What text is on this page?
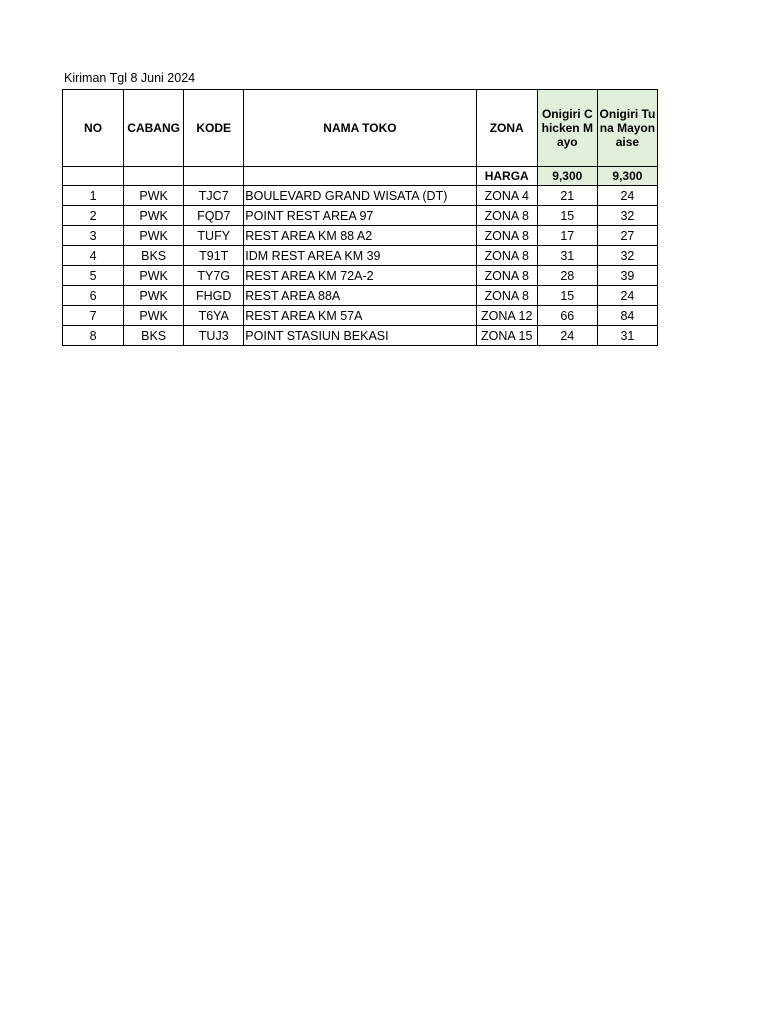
Kiriman Tgl 8 Juni 2024
NO	CABANG	KODE	NAMA TOKO	ZONA	Onigiri Chicken Mayo	Onigiri Tuna Mayonaise
				HARGA	9,300	9,300
1	PWK	TJC7	BOULEVARD GRAND WISATA (DT)	ZONA 4	21	24
2	PWK	FQD7	POINT REST AREA 97	ZONA 8	15	32
3	PWK	TUFY	REST AREA KM 88 A2	ZONA 8	17	27
4	BKS	T91T	IDM REST AREA KM 39	ZONA 8	31	32
5	PWK	TY7G	REST AREA KM 72A-2	ZONA 8	28	39
6	PWK	FHGD	REST AREA 88A	ZONA 8	15	24
7	PWK	T6YA	REST AREA KM 57A	ZONA 12	66	84
8	BKS	TUJ3	POINT STASIUN BEKASI	ZONA 15	24	31
